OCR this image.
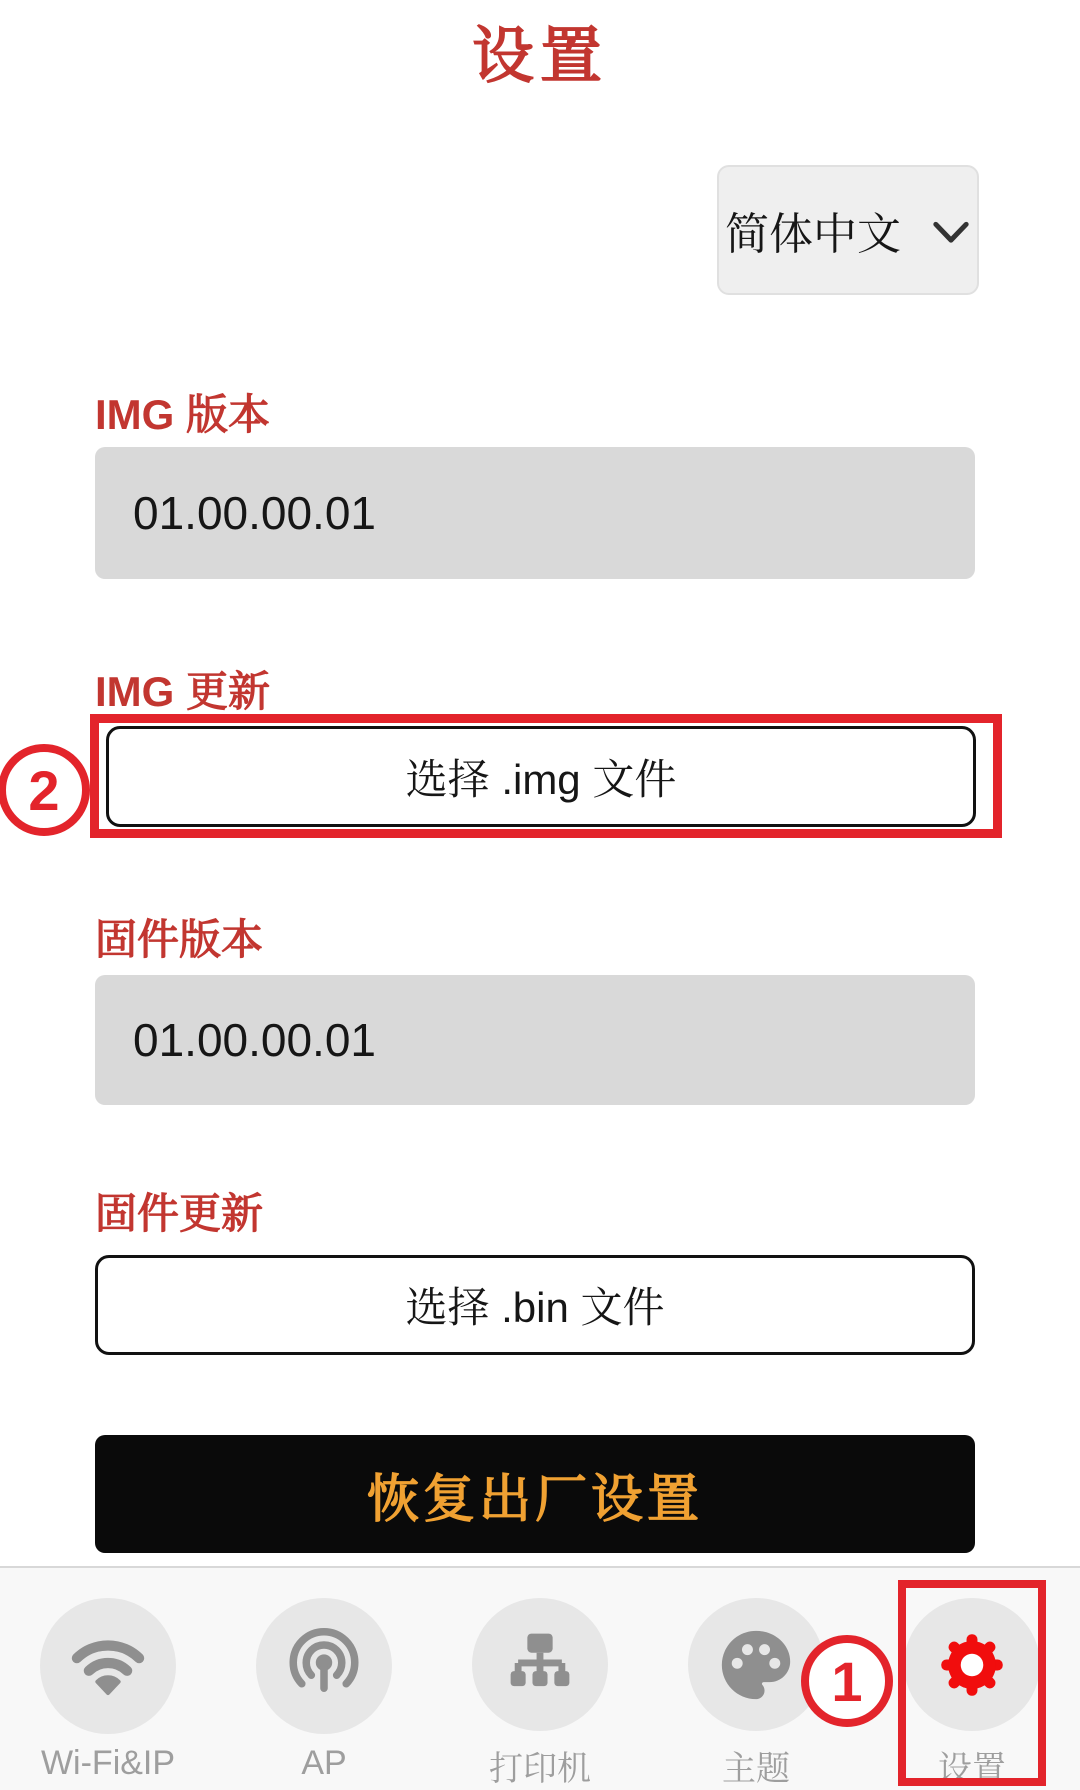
设置
简体中文
IMG 版本
01.00.00.01
IMG 更新
选择 .img 文件
2
固件版本
01.00.00.01
固件更新
选择 .bin 文件
恢复出厂设置
Wi-Fi&IP	AP	打印机	主题	设置
1
